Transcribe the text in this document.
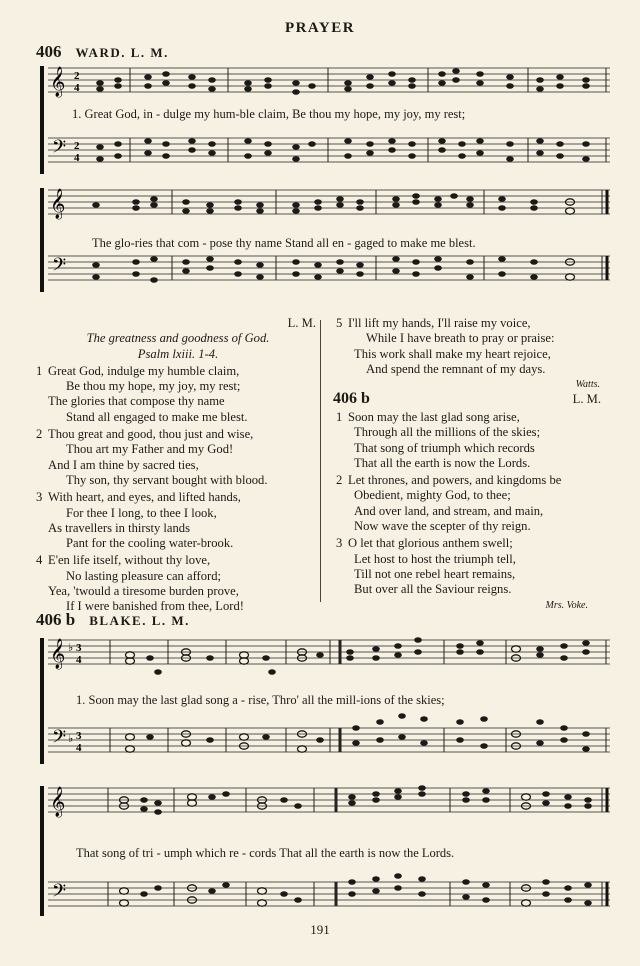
PRAYER
406 WARD. L. M.
𝄞 2
4
𝄢 2
4
1. Great God, in - dulge my hum-ble claim, Be thou my hope, my joy, my rest;
𝄞
𝄢
The glo-ries that com - pose thy name Stand all en - gaged to make me blest.
L. M.
The greatness and goodness of God.
Psalm lxiii. 1-4.
1 Great God, indulge my humble claim,
Be thou my hope, my joy, my rest;
The glories that compose thy name
Stand all engaged to make me blest.
2 Thou great and good, thou just and wise,
Thou art my Father and my God!
And I am thine by sacred ties,
Thy son, thy servant bought with blood.
3 With heart, and eyes, and lifted hands,
For thee I long, to thee I look,
As travellers in thirsty lands
Pant for the cooling water-brook.
4 E'en life itself, without thy love,
No lasting pleasure can afford;
Yea, 'twould a tiresome burden prove,
If I were banished from thee, Lord!
5 I'll lift my hands, I'll raise my voice,
While I have breath to pray or praise:
This work shall make my heart rejoice,
And spend the remnant of my days.
Watts.
406 b	L. M.
1 Soon may the last glad song arise,
Through all the millions of the skies;
That song of triumph which records
That all the earth is now the Lords.
2 Let thrones, and powers, and kingdoms be
Obedient, mighty God, to thee;
And over land, and stream, and main,
Now wave the scepter of thy reign.
3 O let that glorious anthem swell;
Let host to host the triumph tell,
Till not one rebel heart remains,
But over all the Saviour reigns.
Mrs. Voke.
406 b BLAKE. L. M.
𝄞 ♭ 3
4
𝄢 ♭ 3
4
1. Soon may the last glad song a - rise, Thro' all the mill-ions of the skies;
𝄞
𝄢
That song of tri - umph which re - cords That all the earth is now the Lords.
191
